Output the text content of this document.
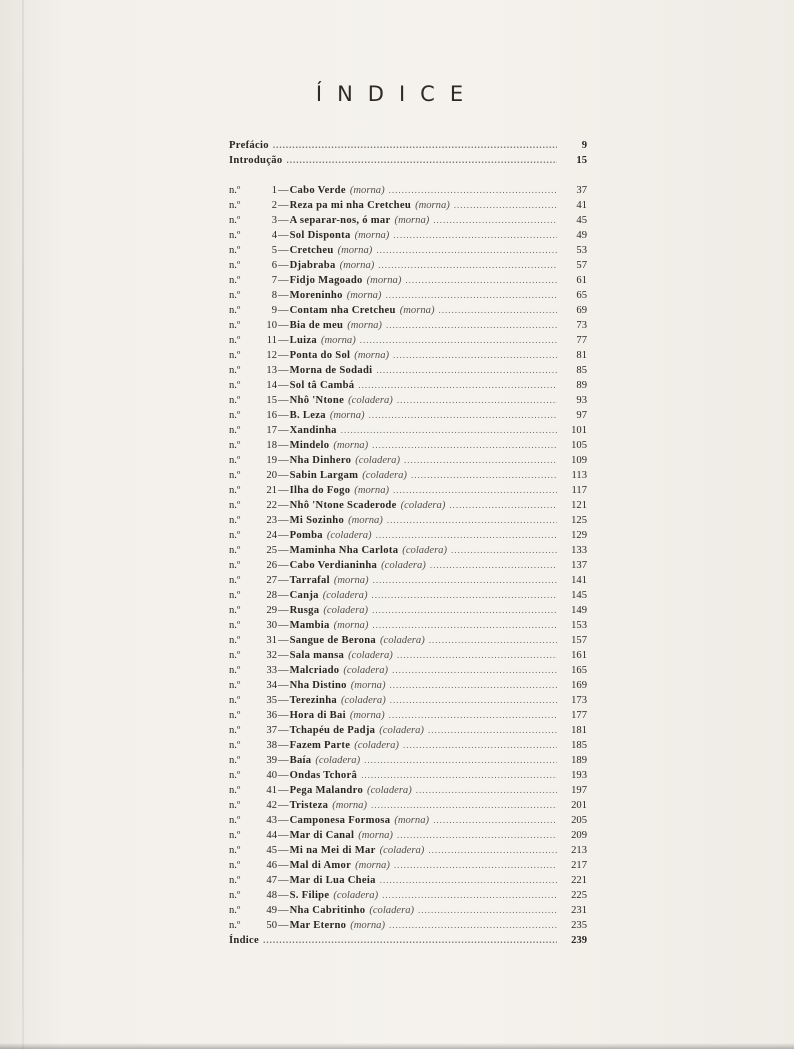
ÍNDICE
Prefácio .....	9
Introdução .....	15
n.º	1 — Cabo Verde (morna) .....	37
n.º	2 — Reza pa mi nha Cretcheu (morna) .....	41
n.º	3 — A separar-nos, ó mar (morna) .....	45
n.º	4 — Sol Disponta (morna) .....	49
n.º	5 — Cretcheu (morna) .....	53
n.º	6 — Djabraba (morna) .....	57
n.º	7 — Fidjo Magoado (morna) .....	61
n.º	8 — Moreninho (morna) .....	65
n.º	9 — Contam nha Cretcheu (morna) .....	69
n.º	10 — Bia de meu (morna) .....	73
n.º	11 — Luiza (morna) .....	77
n.º	12 — Ponta do Sol (morna) .....	81
n.º	13 — Morna de Sodadi .....	85
n.º	14 — Sol tâ Cambá .....	89
n.º	15 — Nhô 'Ntone (coladera) .....	93
n.º	16 — B. Leza (morna) .....	97
n.º	17 — Xandinha .....	101
n.º	18 — Mindelo (morna) .....	105
n.º	19 — Nha Dinhero (coladera) .....	109
n.º	20 — Sabin Largam (coladera) .....	113
n.º	21 — Ilha do Fogo (morna) .....	117
n.º	22 — Nhô 'Ntone Scaderode (coladera) .....	121
n.º	23 — Mi Sozinho (morna) .....	125
n.º	24 — Pomba (coladera) .....	129
n.º	25 — Maminha Nha Carlota (coladera) .....	133
n.º	26 — Cabo Verdianinha (coladera) .....	137
n.º	27 — Tarrafal (morna) .....	141
n.º	28 — Canja (coladera) .....	145
n.º	29 — Rusga (coladera) .....	149
n.º	30 — Mambia (morna) .....	153
n.º	31 — Sangue de Berona (coladera) .....	157
n.º	32 — Sala mansa (coladera) .....	161
n.º	33 — Malcriado (coladera) .....	165
n.º	34 — Nha Distino (morna) .....	169
n.º	35 — Terezinha (coladera) .....	173
n.º	36 — Hora di Bai (morna) .....	177
n.º	37 — Tchapéu de Padja (coladera) .....	181
n.º	38 — Fazem Parte (coladera) .....	185
n.º	39 — Baía (coladera) .....	189
n.º	40 — Ondas Tchorâ .....	193
n.º	41 — Pega Malandro (coladera) .....	197
n.º	42 — Tristeza (morna) .....	201
n.º	43 — Camponesa Formosa (morna) .....	205
n.º	44 — Mar di Canal (morna) .....	209
n.º	45 — Mi na Mei di Mar (coladera) .....	213
n.º	46 — Mal di Amor (morna) .....	217
n.º	47 — Mar di Lua Cheia .....	221
n.º	48 — S. Filipe (coladera) .....	225
n.º	49 — Nha Cabritinho (coladera) .....	231
n.º	50 — Mar Eterno (morna) .....	235
Índice .....	239
